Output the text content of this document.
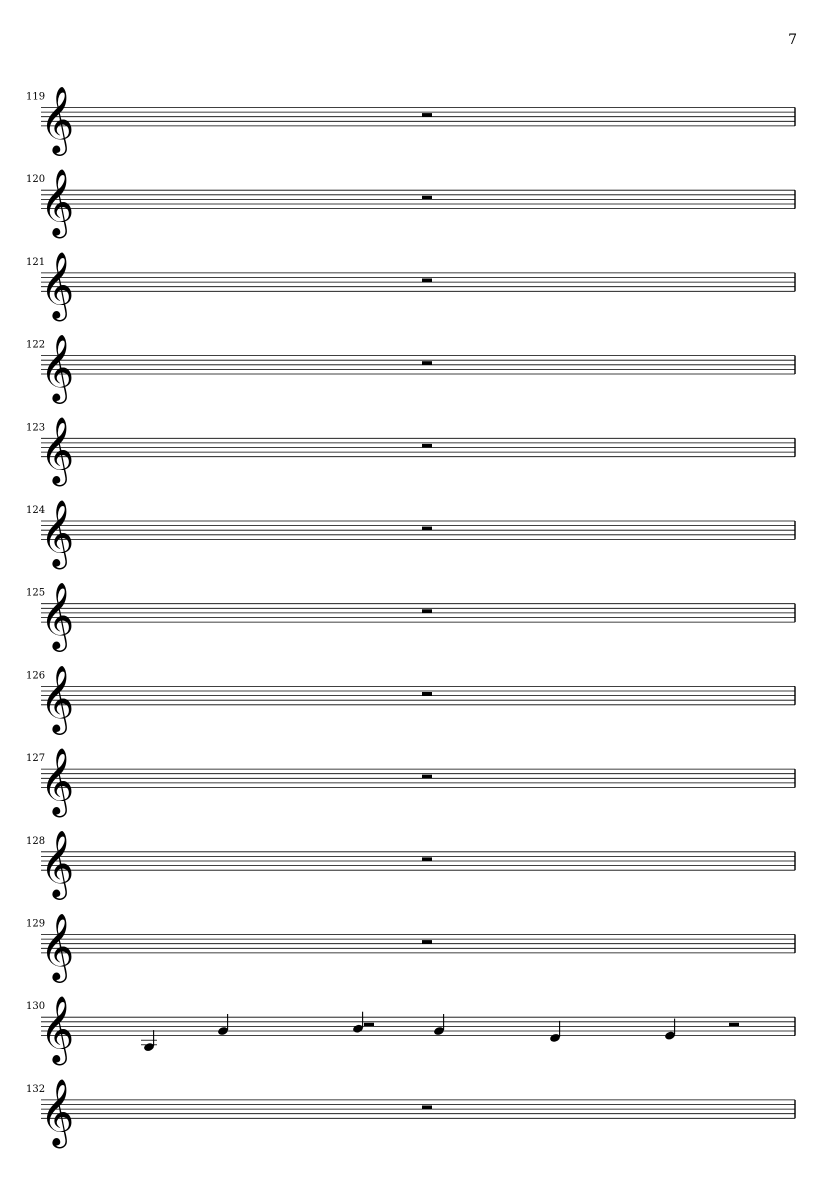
7
119
𝄞
120
𝄞
121
𝄞
122
𝄞
123
𝄞
124
𝄞
125
𝄞
126
𝄞
127
𝄞
128
𝄞
129
𝄞
130
𝄞
132
𝄞
